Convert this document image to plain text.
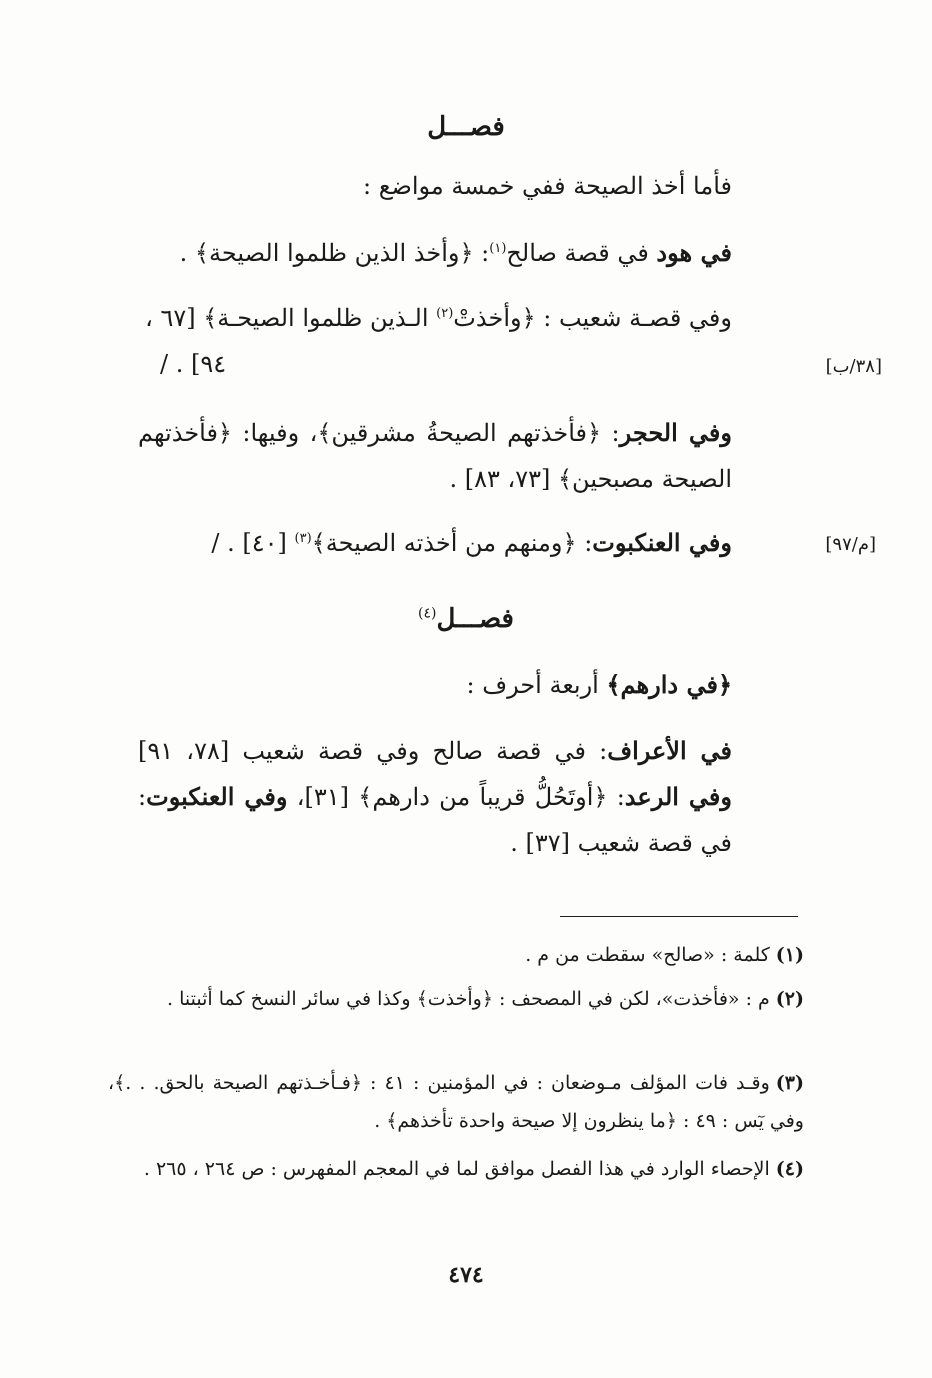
فصـــل
فأما أخذ الصيحة ففي خمسة مواضع :
في هود في قصة صالح$^{(١)}$: ﴿وأخذ الذين ظلموا الصيحة﴾ .
وفي قصـة شعيب : ﴿وأخذتْ$^{(٢)}$ الـذين ظلموا الصيحـة﴾ [٦٧ ،
٩٤] . /	[٣٨/ب]
وفي الحجر: ﴿فأخذتهم الصيحةُ مشرقين﴾، وفيها: ﴿فأخذتهم الصيحة مصبحين﴾ [٧٣، ٨٣] .
وفي العنكبوت: ﴿ومنهم من أخذته الصيحة﴾$^{(٣)}$ [٤٠] . /	[م/٩٧]
فصـــل$^{(٤)}$
﴿في دارهم﴾ أربعة أحرف :
في الأعراف: في قصة صالح وفي قصة شعيب [٧٨، ٩١] وفي الرعد: ﴿أوتَحُلُّ قريباً من دارهم﴾ [٣١]، وفي العنكبوت: في قصة شعيب [٣٧] .
(١)كلمة : «صالح» سقطت من م .
(٢)م : «فأخذت»، لكن في المصحف : ﴿وأخذت﴾ وكذا في سائر النسخ كما أثبتنا .
(٣)وقـد فات المؤلف مـوضعان : في المؤمنين : ٤١ : ﴿فـأخـذتهم الصيحة بالحق. . .﴾، وفي يٓس : ٤٩ : ﴿ما ينظرون إلا صيحة واحدة تأخذهم﴾ .
(٤)الإحصاء الوارد في هذا الفصل موافق لما في المعجم المفهرس : ص ٢٦٤ ، ٢٦٥ .
٤٧٤
